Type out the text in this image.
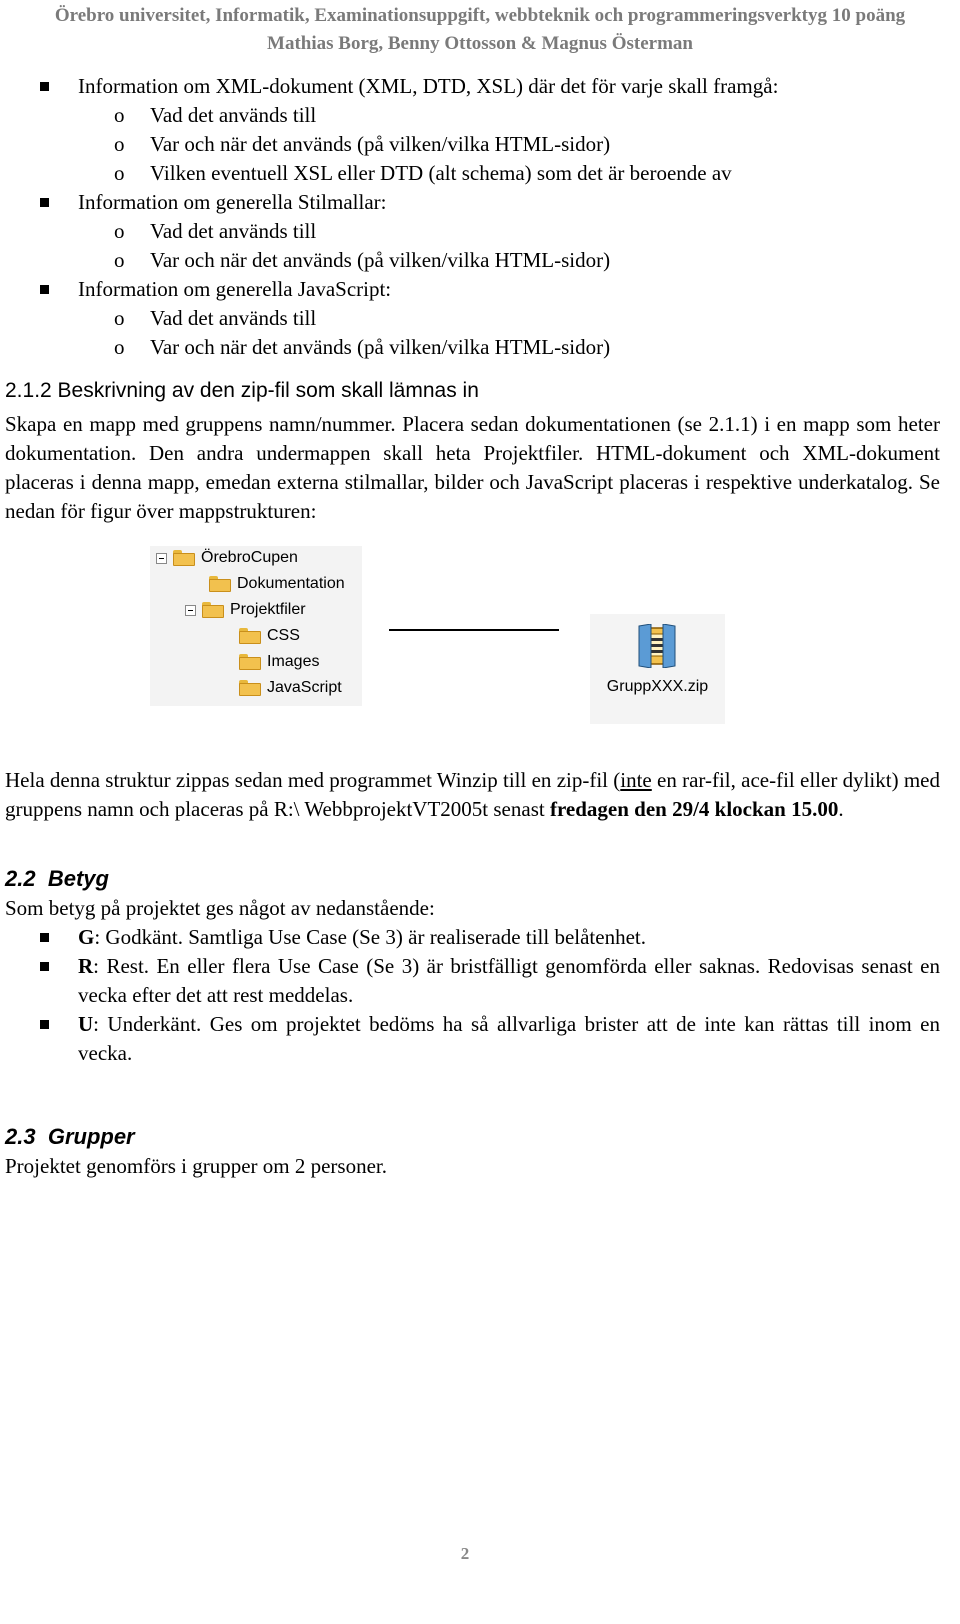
Örebro universitet, Informatik, Examinationsuppgift, webbteknik och programmeringsverktyg 10 poäng
Mathias Borg, Benny Ottosson & Magnus Österman
Information om XML-dokument (XML, DTD, XSL) där det för varje skall framgå:
o Vad det används till
o Var och när det används (på vilken/vilka HTML-sidor)
o Vilken eventuell XSL eller DTD (alt schema) som det är beroende av
Information om generella Stilmallar:
o Vad det används till
o Var och när det används (på vilken/vilka HTML-sidor)
Information om generella JavaScript:
o Vad det används till
o Var och när det används (på vilken/vilka HTML-sidor)
2.1.2 Beskrivning av den zip-fil som skall lämnas in

Skapa en mapp med gruppens namn/nummer. Placera sedan dokumentationen (se 2.1.1) i en mapp som heter dokumentation. Den andra undermappen skall heta Projektfiler. HTML-dokument och XML-dokument placeras i denna mapp, emedan externa stilmallar, bilder och JavaScript placeras i respektive underkatalog. Se nedan för figur över mappstrukturen:

ÖrebroCupen
Dokumentation
Projektfiler
CSS
Images
JavaScript	GruppXXX.zip

Hela denna struktur zippas sedan med programmet Winzip till en zip-fil (inte en rar-fil, ace-fil eller dylikt) med gruppens namn och placeras på R:\ WebbprojektVT2005t senast fredagen den 29/4 klockan 15.00.

2.2 Betyg

Som betyg på projektet ges något av nedanstående:

G: Godkänt. Samtliga Use Case (Se 3) är realiserade till belåtenhet.
R: Rest. En eller flera Use Case (Se 3) är bristfälligt genomförda eller saknas. Redovisas senast en vecka efter det att rest meddelas.
U: Underkänt. Ges om projektet bedöms ha så allvarliga brister att de inte kan rättas till inom en vecka.
2.3 Grupper

Projektet genomförs i grupper om 2 personer.

2
